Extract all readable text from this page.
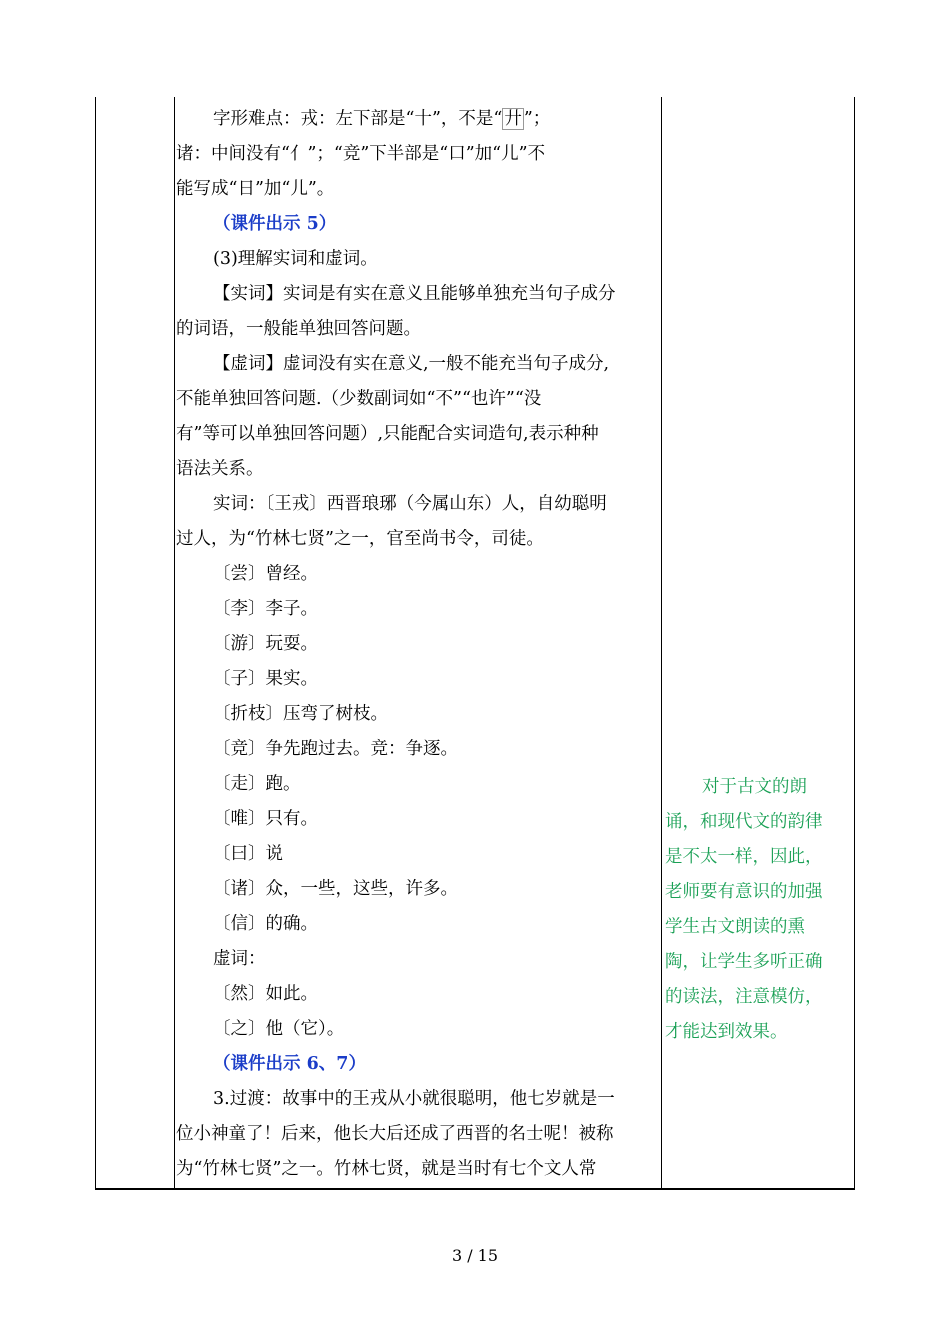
字形难点：戎：左下部是“十”，不是“ 廾 ”；
诸：中间没有“亻”；“竞”下半部是“口”加“儿”不
能写成“日”加“儿”。
（课件出示 5）
(3)理解实词和虚词。
【实词】实词是有实在意义且能够单独充当句子成分
的词语，一般能单独回答问题。
【虚词】虚词没有实在意义,一般不能充当句子成分,
不能单独回答问题.（少数副词如“不”“也许”“没
有”等可以单独回答问题）,只能配合实词造句,表示种种
语法关系。
实词：〔王戎〕西晋琅琊（今属山东）人，自幼聪明
过人，为“竹林七贤”之一，官至尚书令，司徒。
〔尝〕曾经。
〔李〕李子。
〔游〕玩耍。
〔子〕果实。
〔折枝〕压弯了树枝。
〔竞〕争先跑过去。竞：争逐。
〔走〕跑。
〔唯〕只有。
〔曰〕说
〔诸〕众，一些，这些，许多。
〔信〕的确。
虚词：
〔然〕如此。
〔之〕他（它）。
（课件出示 6、7）
3.过渡：故事中的王戎从小就很聪明，他七岁就是一
位小神童了！后来，他长大后还成了西晋的名士呢！被称
为“竹林七贤”之一。竹林七贤，就是当时有七个文人常
对于古文的朗
诵，和现代文的韵律
是不太一样，因此，
老师要有意识的加强
学生古文朗读的熏
陶，让学生多听正确
的读法，注意模仿，
才能达到效果。
3 / 15
